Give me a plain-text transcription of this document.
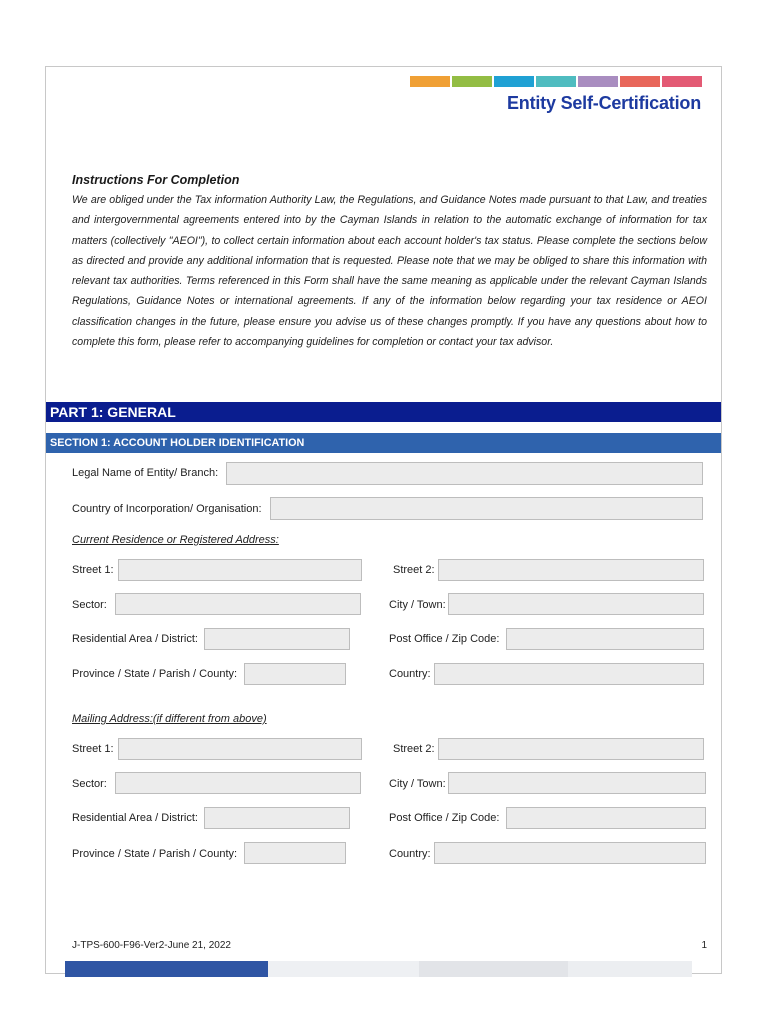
Entity Self-Certification
Instructions For Completion

We are obliged under the Tax information Authority Law, the Regulations, and Guidance Notes made pursuant to that Law, and treaties and intergovernmental agreements entered into by the Cayman Islands in relation to the automatic exchange of information for tax matters (collectively "AEOI"), to collect certain information about each account holder's tax status. Please complete the sections below as directed and provide any additional information that is requested. Please note that we may be obliged to share this information with relevant tax authorities. Terms referenced in this Form shall have the same meaning as applicable under the relevant Cayman Islands Regulations, Guidance Notes or international agreements. If any of the information below regarding your tax residence or AEOI classification changes in the future, please ensure you advise us of these changes promptly. If you have any questions about how to complete this form, please refer to accompanying guidelines for completion or contact your tax advisor.

PART 1: GENERAL
SECTION 1: ACCOUNT HOLDER IDENTIFICATION
Legal Name of Entity/ Branch:
Country of Incorporation/ Organisation:
Current Residence or Registered Address:
Street 1:	Street 2:
Sector:	City / Town:
Residential Area / District:	Post Office / Zip Code:
Province / State / Parish / County:	Country:
Mailing Address:(if different from above)
Street 1:	Street 2:
Sector:	City / Town:
Residential Area / District:	Post Office / Zip Code:
Province / State / Parish / County:	Country:
J-TPS-600-F96-Ver2-June 21, 2022	1
